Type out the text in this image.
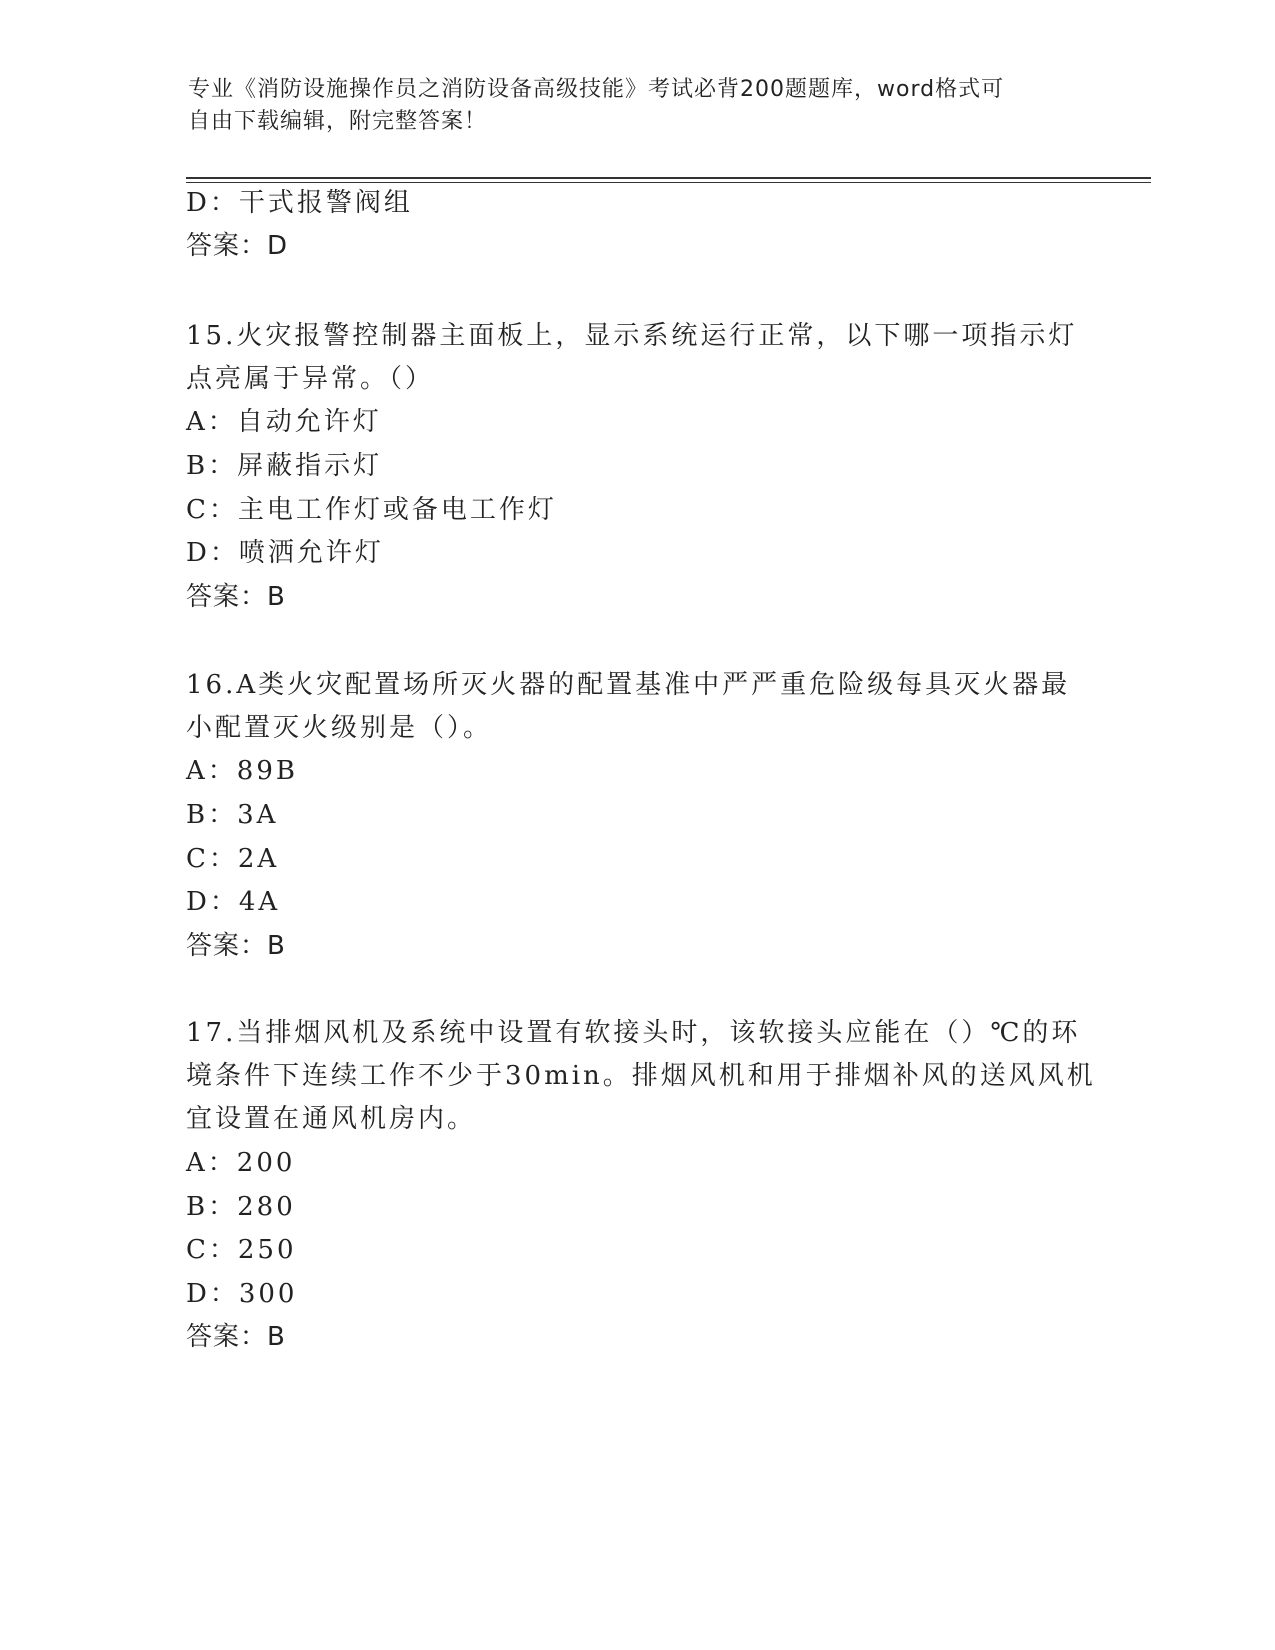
专业《消防设施操作员之消防设备高级技能》考试必背200题题库，word格式可
自由下载编辑，附完整答案！
D：干式报警阀组
答案：D
15.火灾报警控制器主面板上，显示系统运行正常，以下哪一项指示灯
点亮属于异常。（）
A：自动允许灯
B：屏蔽指示灯
C：主电工作灯或备电工作灯
D：喷洒允许灯
答案：B
16.A类火灾配置场所灭火器的配置基准中严严重危险级每具灭火器最
小配置灭火级别是（）。
A：89B
B：3A
C：2A
D：4A
答案：B
17.当排烟风机及系统中设置有软接头时，该软接头应能在（）℃的环
境条件下连续工作不少于30min。排烟风机和用于排烟补风的送风风机
宜设置在通风机房内。
A：200
B：280
C：250
D：300
答案：B
